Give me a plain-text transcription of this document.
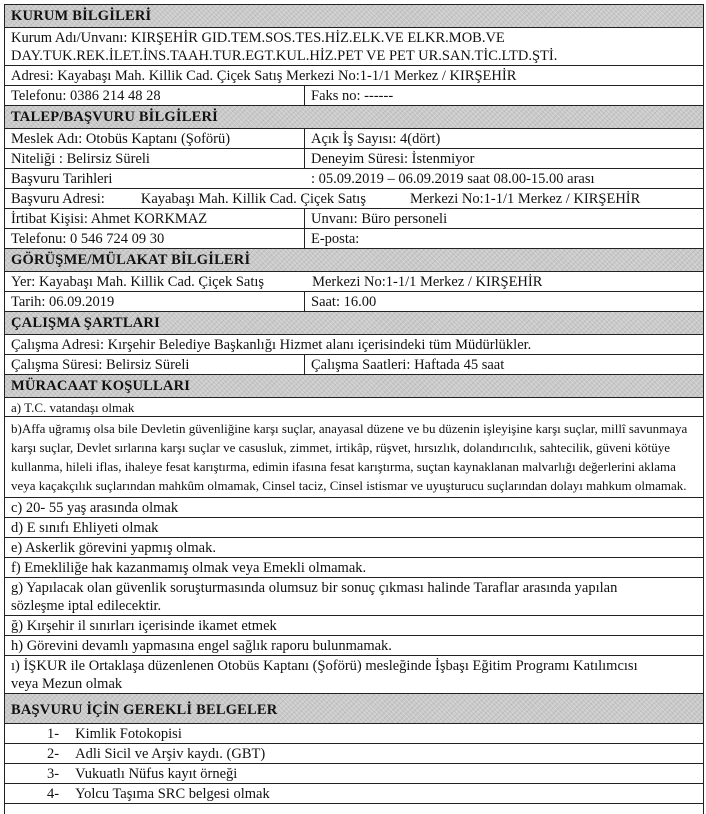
KURUM BİLGİLERİ
Kurum Adı/Unvanı: KIRŞEHİR GID.TEM.SOS.TES.HİZ.ELK.VE ELKR.MOB.VE
DAY.TUK.REK.İLET.İNS.TAAH.TUR.EGT.KUL.HİZ.PET VE PET UR.SAN.TİC.LTD.ŞTİ.
Adresi: Kayabaşı Mah. Killik Cad. Çiçek Satış Merkezi No:1-1/1 Merkez / KIRŞEHİR
Telefonu: 0386 214 48 28	Faks no: ------
TALEP/BAŞVURU BİLGİLERİ
Meslek Adı: Otobüs Kaptanı (Şoförü)	Açık İş Sayısı: 4(dört)
Niteliği : Belirsiz Süreli	Deneyim Süresi: İstenmiyor
Başvuru Tarihleri	: 05.09.2019 – 06.09.2019 saat 08.00-15.00 arası
Başvuru Adresi: Kayabaşı Mah. Killik Cad. Çiçek Satış	Merkezi No:1-1/1 Merkez / KIRŞEHİR
İrtibat Kişisi: Ahmet KORKMAZ	Unvanı: Büro personeli
Telefonu: 0 546 724 09 30	E-posta:
GÖRÜŞME/MÜLAKAT BİLGİLERİ
Yer: Kayabaşı Mah. Killik Cad. Çiçek Satış	Merkezi No:1-1/1 Merkez / KIRŞEHİR
Tarih: 06.09.2019	Saat: 16.00
ÇALIŞMA ŞARTLARI
Çalışma Adresi: Kırşehir Belediye Başkanlığı Hizmet alanı içerisindeki tüm Müdürlükler.
Çalışma Süresi: Belirsiz Süreli	Çalışma Saatleri: Haftada 45 saat
MÜRACAAT KOŞULLARI
a) T.C. vatandaşı olmak
b)Affa uğramış olsa bile Devletin güvenliğine karşı suçlar, anayasal düzene ve bu düzenin işleyişine karşı suçlar, millî savunmaya karşı suçlar, Devlet sırlarına karşı suçlar ve casusluk, zimmet, irtikâp, rüşvet, hırsızlık, dolandırıcılık, sahtecilik, güveni kötüye kullanma, hileli iflas, ihaleye fesat karıştırma, edimin ifasına fesat karıştırma, suçtan kaynaklanan malvarlığı değerlerini aklama veya kaçakçılık suçlarından mahkûm olmamak, Cinsel taciz, Cinsel istismar ve uyuşturucu suçlarından dolayı mahkum olmamak.
c) 20- 55 yaş arasında olmak
d) E sınıfı Ehliyeti olmak
e) Askerlik görevini yapmış olmak.
f) Emekliliğe hak kazanmamış olmak veya Emekli olmamak.
g) Yapılacak olan güvenlik soruşturmasında olumsuz bir sonuç çıkması halinde Taraflar arasında yapılan sözleşme iptal edilecektir.
ğ) Kırşehir il sınırları içerisinde ikamet etmek
h) Görevini devamlı yapmasına engel sağlık raporu bulunmamak.
ı) İŞKUR ile Ortaklaşa düzenlenen Otobüs Kaptanı (Şoförü) mesleğinde İşbaşı Eğitim Programı Katılımcısı veya Mezun olmak
BAŞVURU İÇİN GEREKLİ BELGELER
1- Kimlik Fotokopisi
2- Adli Sicil ve Arşiv kaydı. (GBT)
3- Vukuatlı Nüfus kayıt örneği
4- Yolcu Taşıma SRC belgesi olmak
